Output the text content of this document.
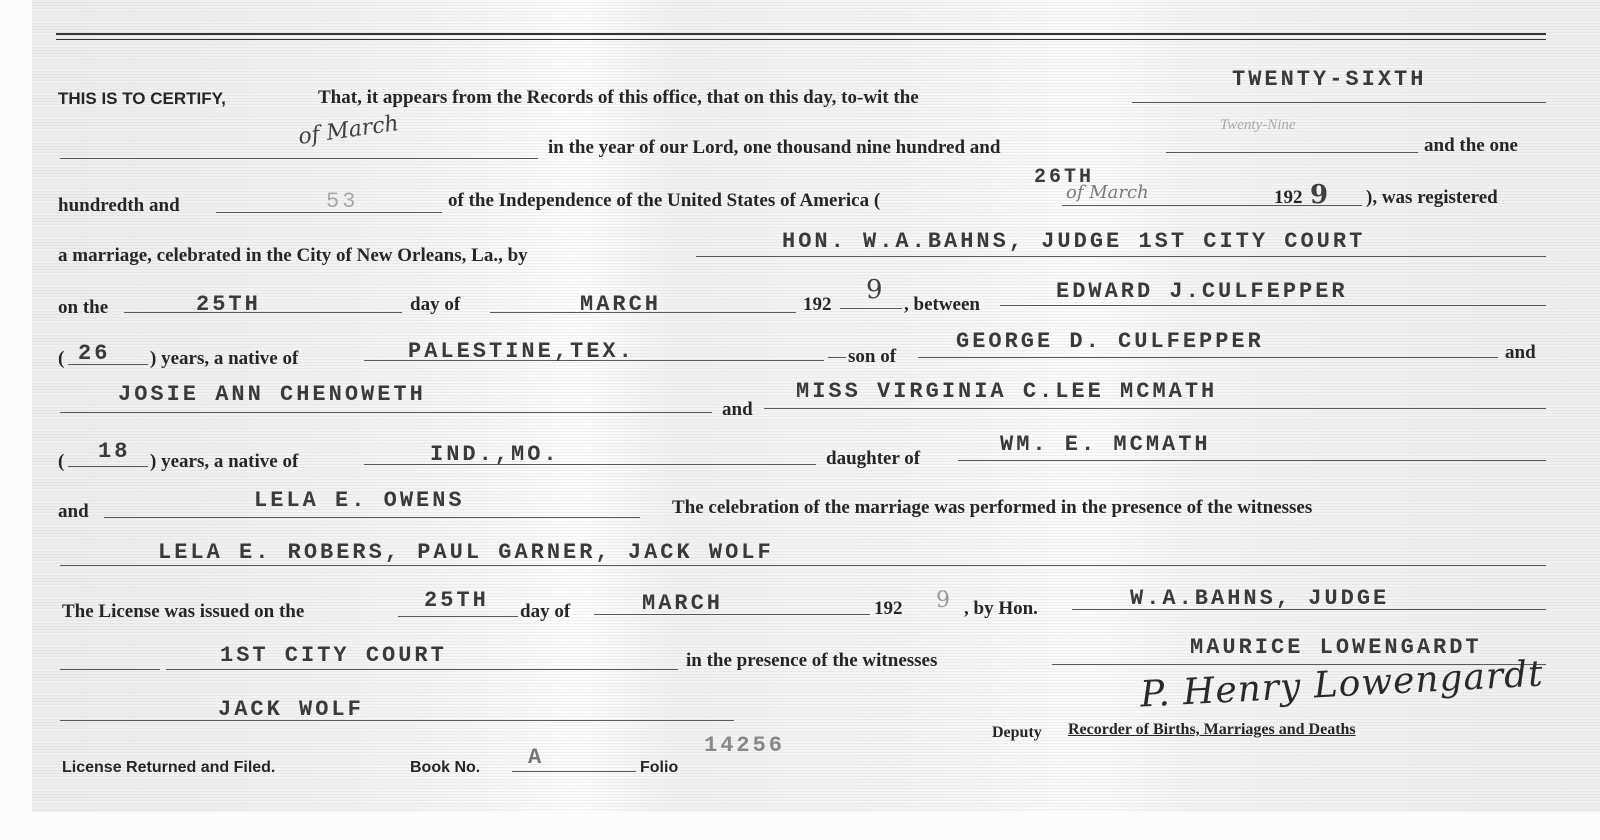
THIS IS TO CERTIFY,	That, it appears from the Records of this office, that on this day, to-wit the
TWENTY-SIXTH
of March	in the year of our Lord, one thousand nine hundred and
Twenty-Nine
and the one
hundredth and	53	of the Independence of the United States of America (
26TH
of March	192 9 ), was registered
a marriage, celebrated in the City of New Orleans, La., by
HON. W.A.BAHNS, JUDGE 1ST CITY COURT
on the	25TH	day of	MARCH	192 9 , between
EDWARD J.CULFEPPER
( 26 ) years, a native of	PALESTINE,TEX.	son of
GEORGE D. CULFEPPER	and
JOSIE ANN CHENOWETH
and
MISS VIRGINIA C.LEE MCMATH
( 18 ) years, a native of	IND.,MO.	daughter of
WM. E. MCMATH
and	LELA E. OWENS	The celebration of the marriage was performed in the presence of the witnesses
LELA E. ROBERS, PAUL GARNER, JACK WOLF
The License was issued on the	25TH day of	MARCH	192 9 , by Hon.	W.A.BAHNS, JUDGE
1ST CITY COURT	in the presence of the witnesses
MAURICE LOWENGARDT
JACK WOLF	P. Henry Lowengardt
Deputy Recorder of Births, Marriages and Deaths
License Returned and Filed.	Book No. A	Folio
14256
